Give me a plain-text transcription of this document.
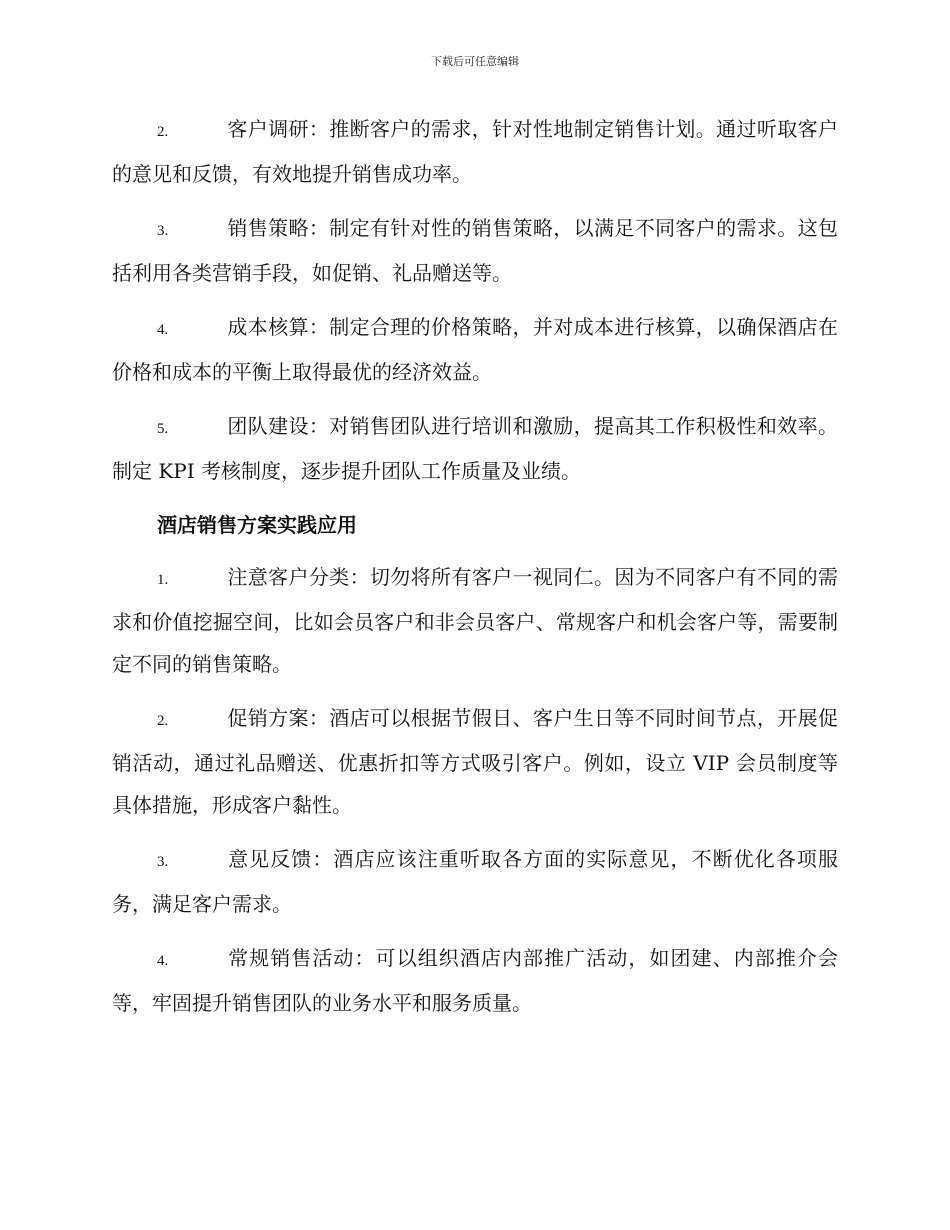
下载后可任意编辑

2.	客户调研：推断客户的需求，针对性地制定销售计划。通过听取客户的意见和反馈，有效地提升销售成功率。

3.	销售策略：制定有针对性的销售策略，以满足不同客户的需求。这包括利用各类营销手段，如促销、礼品赠送等。

4.	成本核算：制定合理的价格策略，并对成本进行核算，以确保酒店在价格和成本的平衡上取得最优的经济效益。

5.	团队建设：对销售团队进行培训和激励，提高其工作积极性和效率。制定 KPI 考核制度，逐步提升团队工作质量及业绩。

酒店销售方案实践应用

1.	注意客户分类：切勿将所有客户一视同仁。因为不同客户有不同的需求和价值挖掘空间，比如会员客户和非会员客户、常规客户和机会客户等，需要制定不同的销售策略。

2.	促销方案：酒店可以根据节假日、客户生日等不同时间节点，开展促销活动，通过礼品赠送、优惠折扣等方式吸引客户。例如，设立 VIP 会员制度等具体措施，形成客户黏性。

3.	意见反馈：酒店应该注重听取各方面的实际意见，不断优化各项服务，满足客户需求。

4.	常规销售活动：可以组织酒店内部推广活动，如团建、内部推介会等，牢固提升销售团队的业务水平和服务质量。
